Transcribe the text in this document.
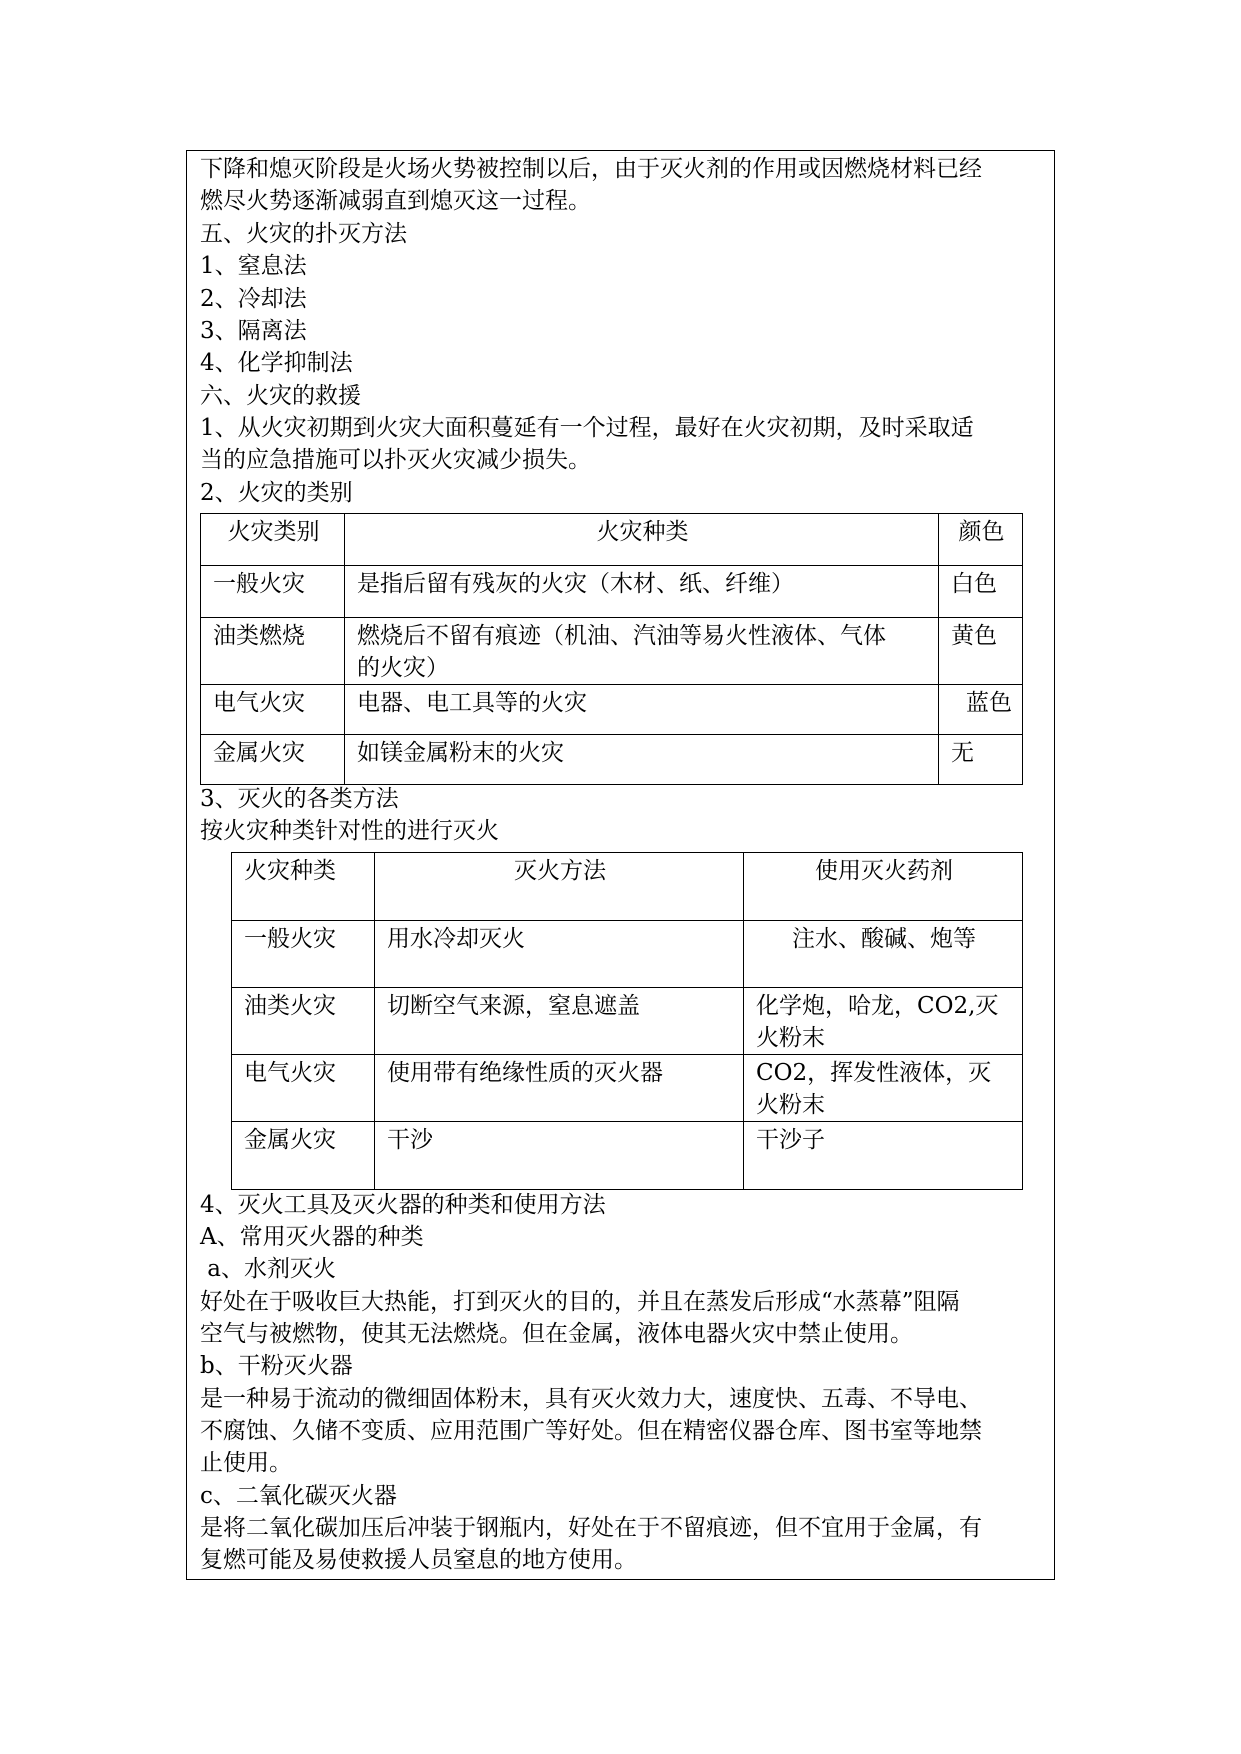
下降和熄灭阶段是火场火势被控制以后，由于灭火剂的作用或因燃烧材料已经
燃尽火势逐渐减弱直到熄灭这一过程。
五、火灾的扑灭方法
1、窒息法
2、冷却法
3、隔离法
4、化学抑制法
六、火灾的救援
1、从火灾初期到火灾大面积蔓延有一个过程，最好在火灾初期，及时采取适
当的应急措施可以扑灭火灾减少损失。
2、火灾的类别
火灾类别	火灾种类	颜色
一般火灾	是指后留有残灰的火灾（木材、纸、纤维）	白色
油类燃烧	燃烧后不留有痕迹（机油、汽油等易火性液体、气体
的火灾）	黄色
电气火灾	电器、电工具等的火灾	蓝色
金属火灾	如镁金属粉末的火灾	无
3、灭火的各类方法
按火灾种类针对性的进行灭火
火灾种类	灭火方法	使用灭火药剂
一般火灾	用水冷却灭火	注水、酸碱、炮等

油类火灾	切断空气来源，窒息遮盖	化学炮，哈龙，CO2,灭
火粉末

电气火灾	使用带有绝缘性质的灭火器	CO2，挥发性液体，灭
火粉末

金属火灾	干沙	干沙子
4、灭火工具及灭火器的种类和使用方法
A、常用灭火器的种类
a、水剂灭火
好处在于吸收巨大热能，打到灭火的目的，并且在蒸发后形成“水蒸幕”阻隔
空气与被燃物，使其无法燃烧。但在金属，液体电器火灾中禁止使用。
b、干粉灭火器
是一种易于流动的微细固体粉末，具有灭火效力大，速度快、五毒、不导电、
不腐蚀、久储不变质、应用范围广等好处。但在精密仪器仓库、图书室等地禁
止使用。
c、二氧化碳灭火器
是将二氧化碳加压后冲装于钢瓶内，好处在于不留痕迹，但不宜用于金属，有
复燃可能及易使救援人员窒息的地方使用。
